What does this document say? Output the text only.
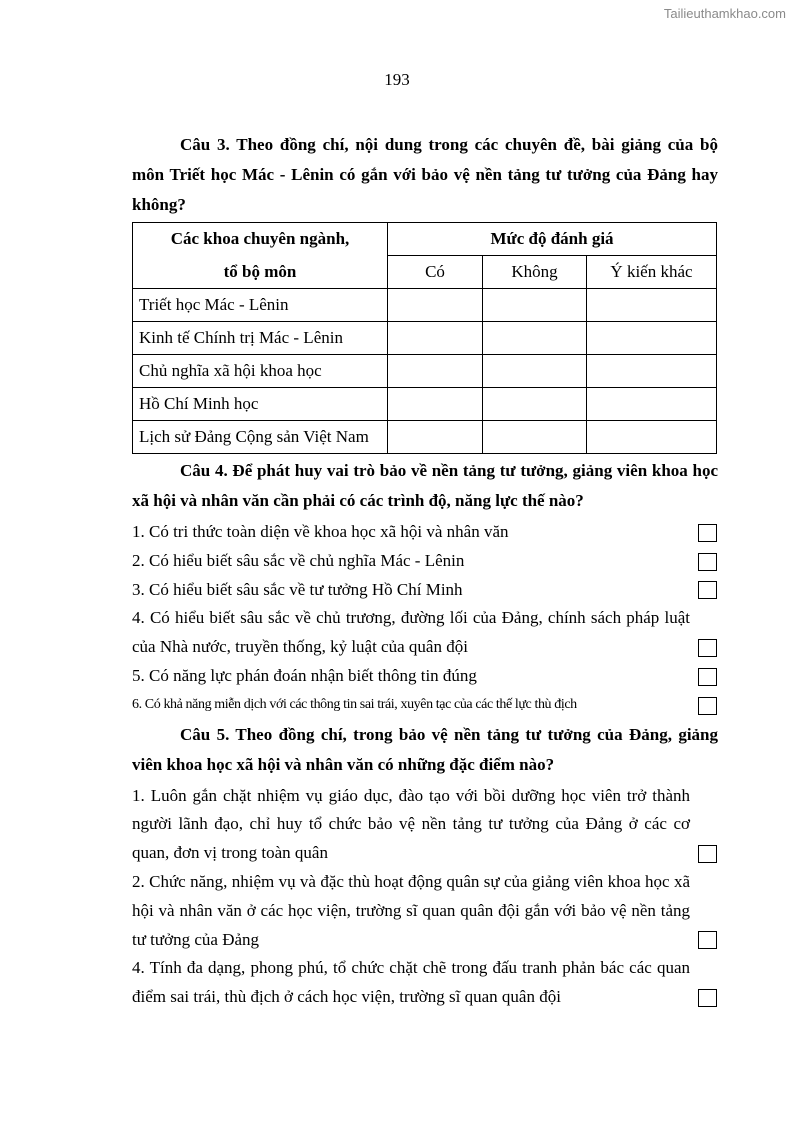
Tailieuthamkhao.com
193

Câu 3. Theo đồng chí, nội dung trong các chuyên đề, bài giảng của bộ môn Triết học Mác - Lênin có gắn với bảo vệ nền tảng tư tưởng của Đảng hay không?

Các khoa chuyên ngành,	Mức độ đánh giá		
tổ bộ môn	Có	Không	Ý kiến khác
Triết học Mác - Lênin			
Kinh tế Chính trị Mác - Lênin			
Chủ nghĩa xã hội khoa học			
Hồ Chí Minh học			
Lịch sử Đảng Cộng sản Việt Nam			

Câu 4. Để phát huy vai trò bảo về nền tảng tư tưởng, giảng viên khoa học xã hội và nhân văn cần phải có các trình độ, năng lực thế nào?

1. Có tri thức toàn diện về khoa học xã hội và nhân văn
2. Có hiểu biết sâu sắc về chủ nghĩa Mác - Lênin
3. Có hiểu biết sâu sắc về tư tưởng Hồ Chí Minh
4. Có hiểu biết sâu sắc về chủ trương, đường lối của Đảng, chính sách pháp luật của Nhà nước, truyền thống, kỷ luật của quân đội
5. Có năng lực phán đoán nhận biết thông tin đúng
6. Có khả năng miễn dịch với các thông tin sai trái, xuyên tạc của các thế lực thù địch

Câu 5. Theo đồng chí, trong bảo vệ nền tảng tư tưởng của Đảng, giảng viên khoa học xã hội và nhân văn có những đặc điểm nào?

1. Luôn gắn chặt nhiệm vụ giáo dục, đào tạo với bồi dưỡng học viên trở thành người lãnh đạo, chỉ huy tổ chức bảo vệ nền tảng tư tưởng của Đảng ở các cơ quan, đơn vị trong toàn quân
2. Chức năng, nhiệm vụ và đặc thù hoạt động quân sự của giảng viên khoa học xã hội và nhân văn ở các học viện, trường sĩ quan quân đội gắn với bảo vệ nền tảng tư tưởng của Đảng
4. Tính đa dạng, phong phú, tổ chức chặt chẽ trong đấu tranh phản bác các quan điểm sai trái, thù địch ở cách học viện, trường sĩ quan quân đội
